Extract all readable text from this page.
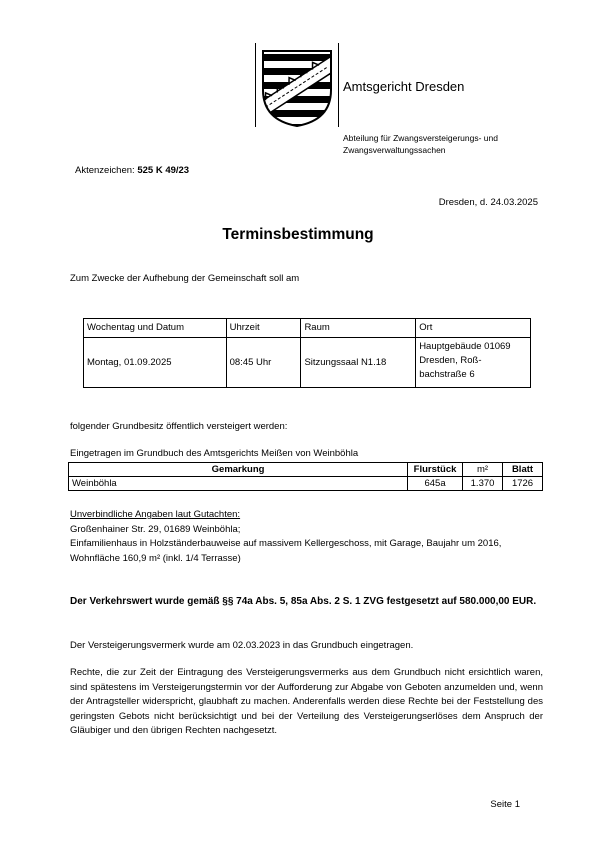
Amtsgericht Dresden
Abteilung für Zwangsversteigerungs- und Zwangsverwaltungssachen
Aktenzeichen: 525 K 49/23
Dresden, d. 24.03.2025
Terminsbestimmung
Zum Zwecke der Aufhebung der Gemeinschaft soll am
Wochentag und Datum	Uhrzeit	Raum	Ort
Montag, 01.09.2025	08:45 Uhr	Sitzungssaal N1.18	Hauptgebäude 01069 Dresden, Roß-bachstraße 6
folgender Grundbesitz öffentlich versteigert werden:
Eingetragen im Grundbuch des Amtsgerichts Meißen von Weinböhla
Gemarkung	Flurstück	m²	Blatt
Weinböhla	645a	1.370	1726
Unverbindliche Angaben laut Gutachten:
Großenhainer Str. 29, 01689 Weinböhla;
Einfamilienhaus in Holzständerbauweise auf massivem Kellergeschoss, mit Garage, Baujahr um 2016, Wohnfläche 160,9 m² (inkl. 1/4 Terrasse)
Der Verkehrswert wurde gemäß §§ 74a Abs. 5, 85a Abs. 2 S. 1 ZVG festgesetzt auf 580.000,00 EUR.
Der Versteigerungsvermerk wurde am 02.03.2023 in das Grundbuch eingetragen.
Rechte, die zur Zeit der Eintragung des Versteigerungsvermerks aus dem Grundbuch nicht ersichtlich waren, sind spätestens im Versteigerungstermin vor der Aufforderung zur Abgabe von Geboten anzumelden und, wenn der Antragsteller widerspricht, glaubhaft zu machen. Anderenfalls werden diese Rechte bei der Feststellung des geringsten Gebots nicht berücksichtigt und bei der Verteilung des Versteigerungserlöses dem Anspruch der Gläubiger und den übrigen Rechten nachgesetzt.
Seite 1
